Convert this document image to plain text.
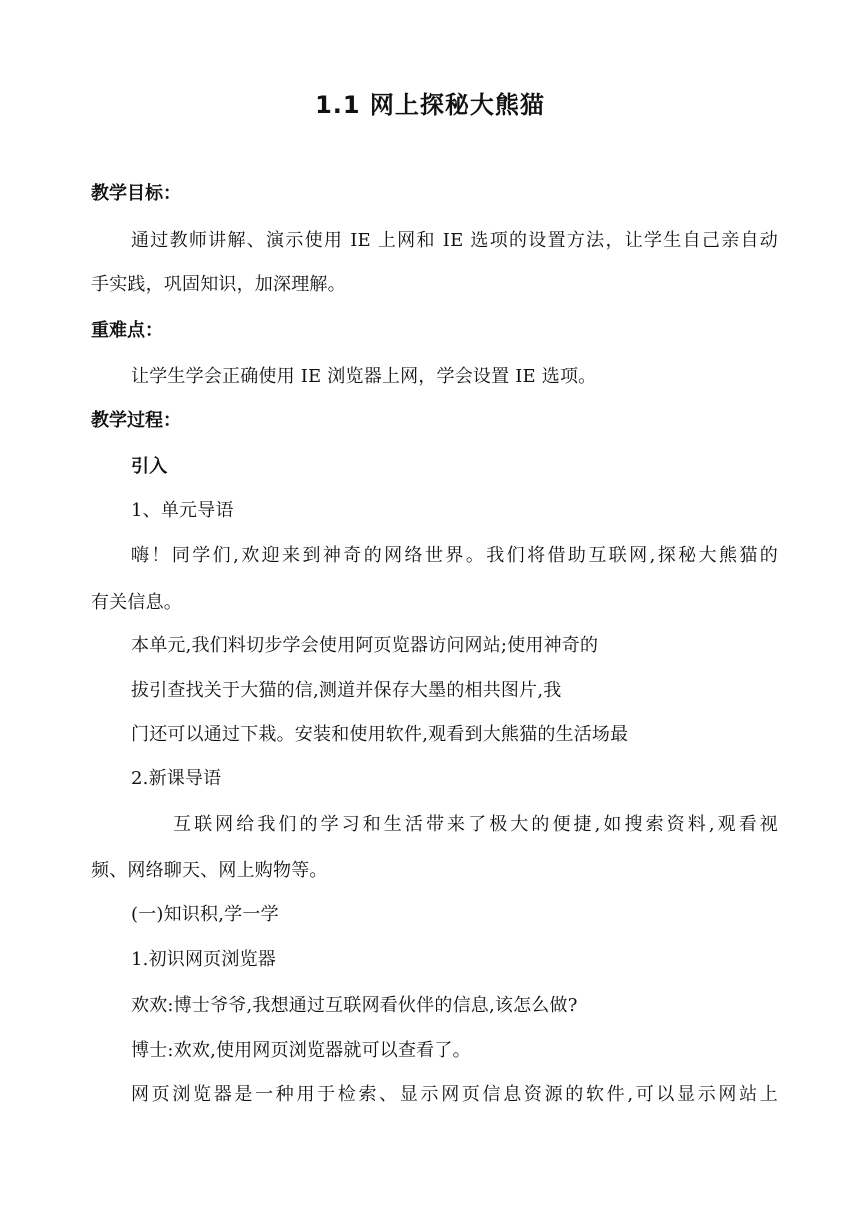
1.1 网上探秘大熊猫
教学目标：
通过教师讲解、演示使用 IE 上网和 IE 选项的设置方法，让学生自己亲自动
手实践，巩固知识，加深理解。
重难点：
让学生学会正确使用 IE 浏览器上网，学会设置 IE 选项。
教学过程：
引入
1、单元导语
嗨！同学们,欢迎来到神奇的网络世界。我们将借助互联网,探秘大熊猫的
有关信息。
本单元,我们料切步学会使用阿页览器访问网站;使用神奇的
拔引查找关于大猫的信,测道并保存大墨的相共图片,我
门还可以通过下栽。安装和使用软件,观看到大熊猫的生活场最
2.新课导语
互联网给我们的学习和生活带来了极大的便捷,如搜索资料,观看视
频、网络聊天、网上购物等。
(一)知识积,学一学
1.初识网页浏览器
欢欢:博士爷爷,我想通过互联网看伙伴的信息,该怎么做?
博士:欢欢,使用网页浏览器就可以查看了。
网页浏览器是一种用于检索、显示网页信息资源的软件,可以显示网站上
